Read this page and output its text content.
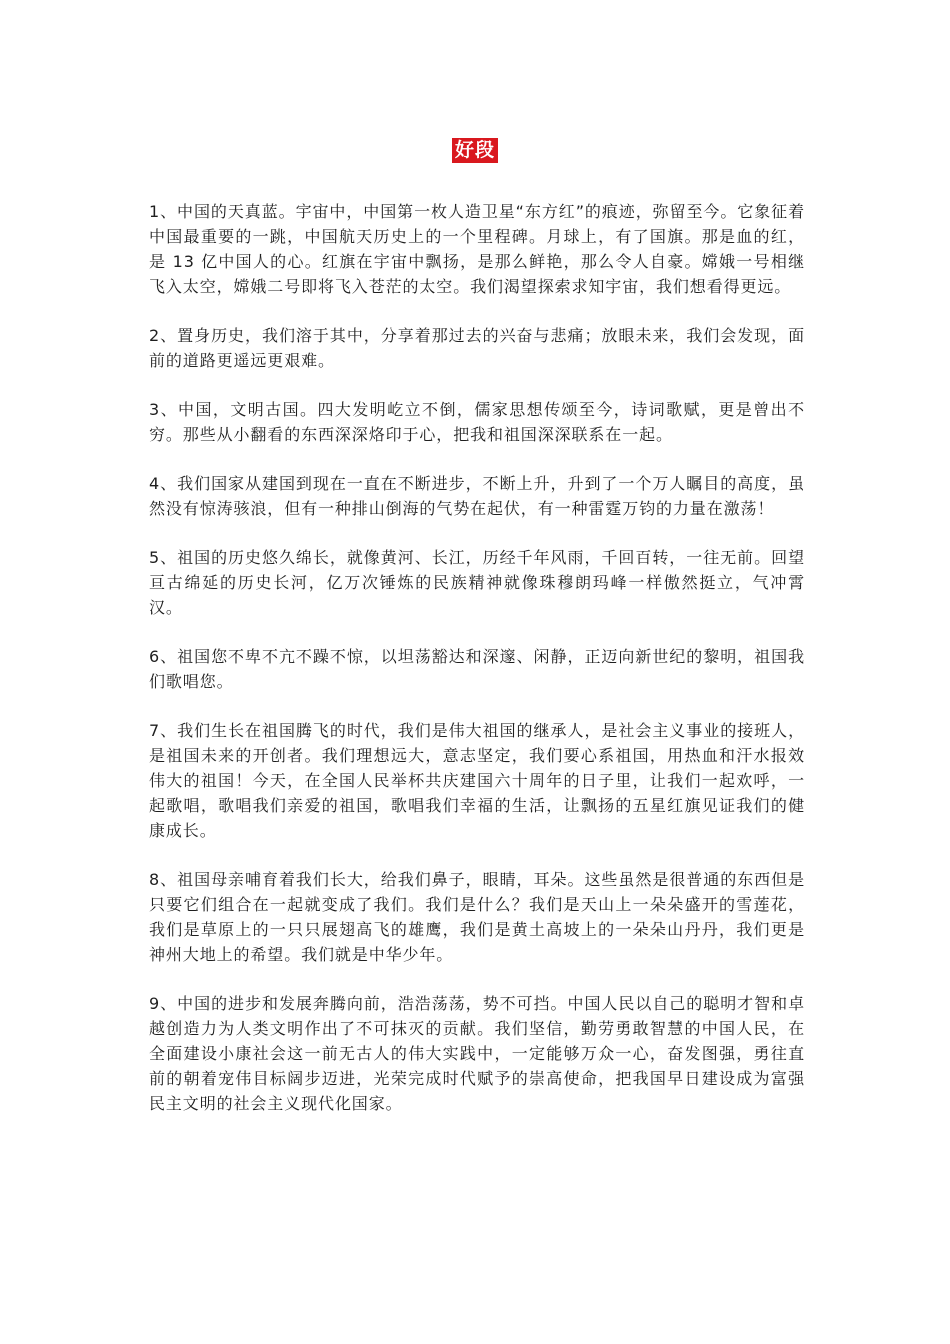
好段

1、中国的天真蓝。宇宙中，中国第一枚人造卫星“东方红”的痕迹，弥留至今。它象征着中国最重要的一跳，中国航天历史上的一个里程碑。月球上，有了国旗。那是血的红，是 13 亿中国人的心。红旗在宇宙中飘扬，是那么鲜艳，那么令人自豪。嫦娥一号相继飞入太空，嫦娥二号即将飞入苍茫的太空。我们渴望探索求知宇宙，我们想看得更远。

2、置身历史，我们溶于其中，分享着那过去的兴奋与悲痛；放眼未来，我们会发现，面前的道路更遥远更艰难。

3、中国，文明古国。四大发明屹立不倒，儒家思想传颂至今，诗词歌赋，更是曾出不穷。那些从小翻看的东西深深烙印于心，把我和祖国深深联系在一起。

4、我们国家从建国到现在一直在不断进步，不断上升，升到了一个万人瞩目的高度，虽然没有惊涛骇浪，但有一种排山倒海的气势在起伏，有一种雷霆万钧的力量在激荡！

5、祖国的历史悠久绵长，就像黄河、长江，历经千年风雨，千回百转，一往无前。回望亘古绵延的历史长河，亿万次锤炼的民族精神就像珠穆朗玛峰一样傲然挺立，气冲霄汉。

6、祖国您不卑不亢不躁不惊，以坦荡豁达和深邃、闲静，正迈向新世纪的黎明，祖国我们歌唱您。

7、我们生长在祖国腾飞的时代，我们是伟大祖国的继承人，是社会主义事业的接班人，是祖国未来的开创者。我们理想远大，意志坚定，我们要心系祖国，用热血和汗水报效伟大的祖国！今天，在全国人民举杯共庆建国六十周年的日子里，让我们一起欢呼，一起歌唱，歌唱我们亲爱的祖国，歌唱我们幸福的生活，让飘扬的五星红旗见证我们的健康成长。

8、祖国母亲哺育着我们长大，给我们鼻子，眼睛，耳朵。这些虽然是很普通的东西但是只要它们组合在一起就变成了我们。我们是什么？我们是天山上一朵朵盛开的雪莲花，我们是草原上的一只只展翅高飞的雄鹰，我们是黄土高坡上的一朵朵山丹丹，我们更是神州大地上的希望。我们就是中华少年。

9、中国的进步和发展奔腾向前，浩浩荡荡，势不可挡。中国人民以自己的聪明才智和卓越创造力为人类文明作出了不可抹灭的贡献。我们坚信，勤劳勇敢智慧的中国人民，在全面建设小康社会这一前无古人的伟大实践中，一定能够万众一心，奋发图强，勇往直前的朝着宠伟目标阔步迈进，光荣完成时代赋予的崇高使命，把我国早日建设成为富强民主文明的社会主义现代化国家。
